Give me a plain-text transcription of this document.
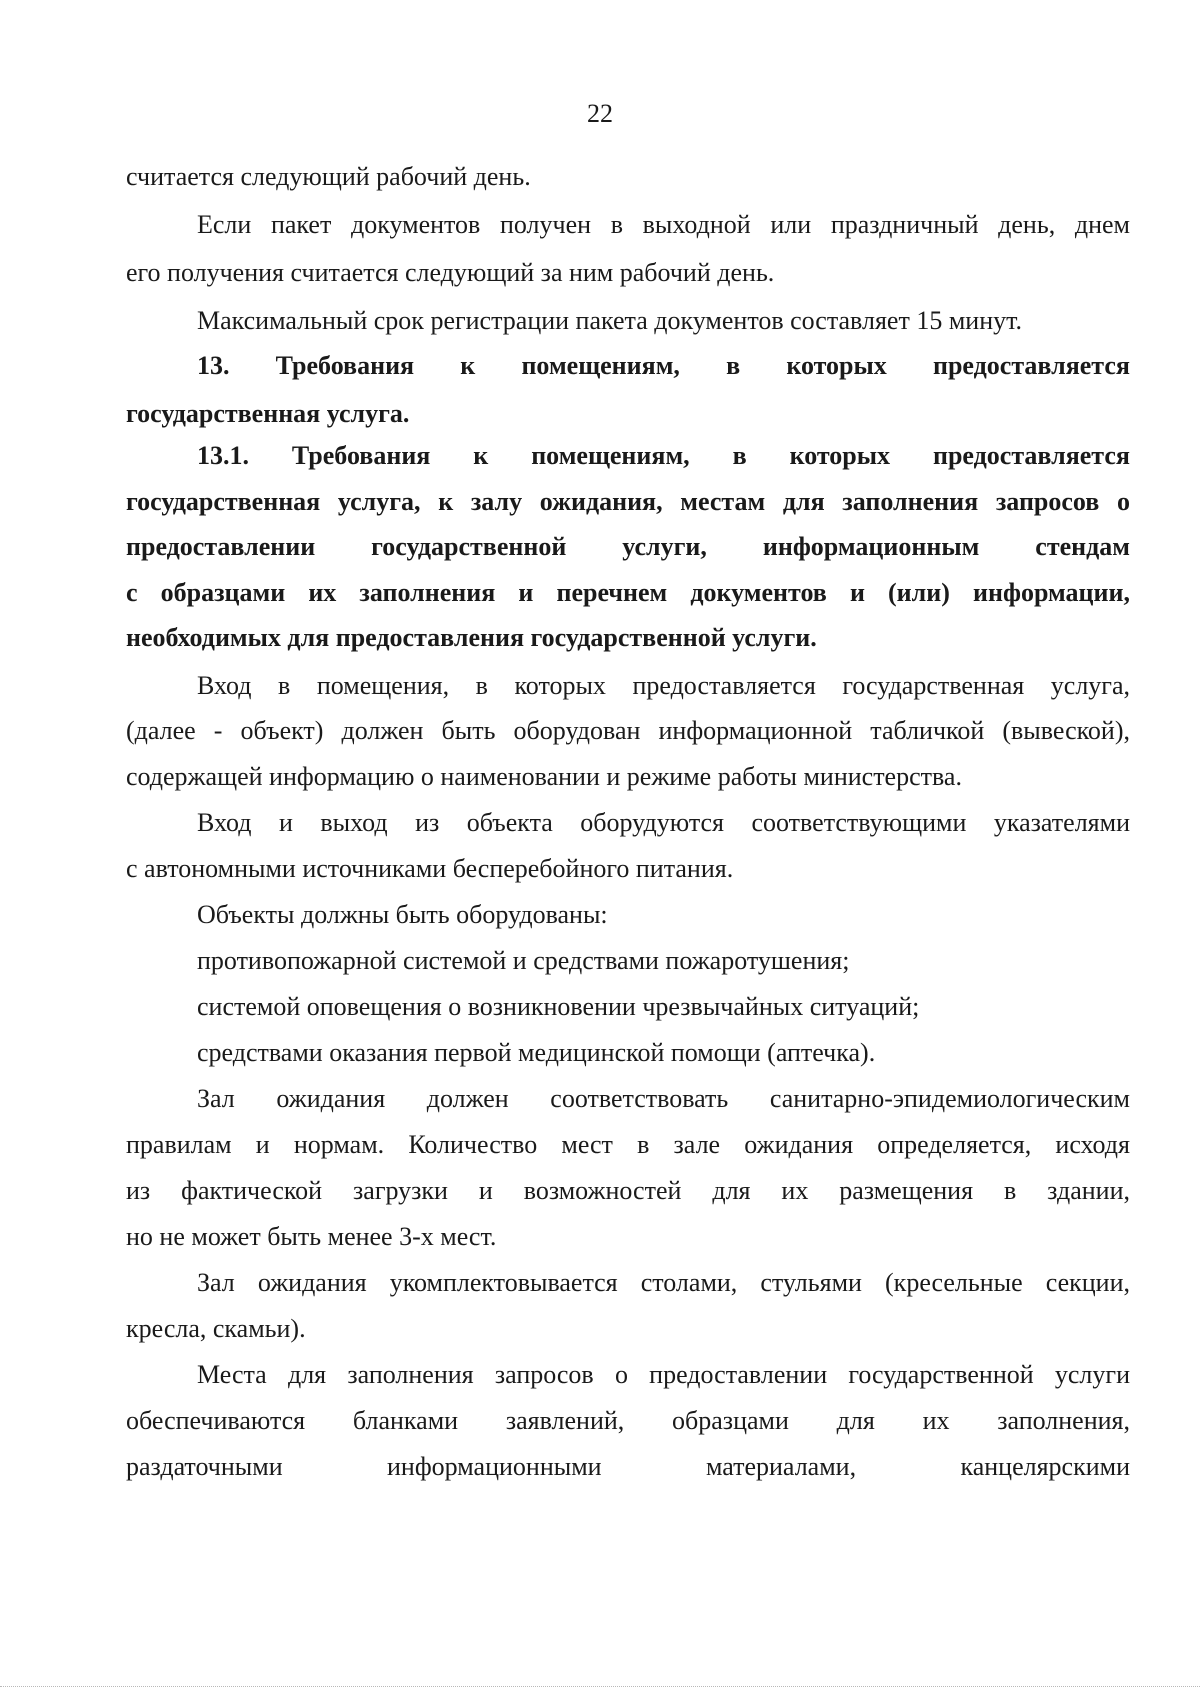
22
считается следующий рабочий день.
Если пакет документов получен в выходной или праздничный день, днем
его получения считается следующий за ним рабочий день.
Максимальный срок регистрации пакета документов составляет 15 минут.
13. Требования к помещениям, в которых предоставляется
государственная услуга.
13.1. Требования к помещениям, в которых предоставляется
государственная услуга, к залу ожидания, местам для заполнения запросов о
предоставлении государственной услуги, информационным стендам
с образцами их заполнения и перечнем документов и (или) информации,
необходимых для предоставления государственной услуги.
Вход в помещения, в которых предоставляется государственная услуга,
(далее - объект) должен быть оборудован информационной табличкой (вывеской),
содержащей информацию о наименовании и режиме работы министерства.
Вход и выход из объекта оборудуются соответствующими указателями
с автономными источниками бесперебойного питания.
Объекты должны быть оборудованы:
противопожарной системой и средствами пожаротушения;
системой оповещения о возникновении чрезвычайных ситуаций;
средствами оказания первой медицинской помощи (аптечка).
Зал ожидания должен соответствовать санитарно-эпидемиологическим
правилам и нормам. Количество мест в зале ожидания определяется, исходя
из фактической загрузки и возможностей для их размещения в здании,
но не может быть менее 3-х мест.
Зал ожидания укомплектовывается столами, стульями (кресельные секции,
кресла, скамьи).
Места для заполнения запросов о предоставлении государственной услуги
обеспечиваются бланками заявлений, образцами для их заполнения,
раздаточными информационными материалами, канцелярскими
